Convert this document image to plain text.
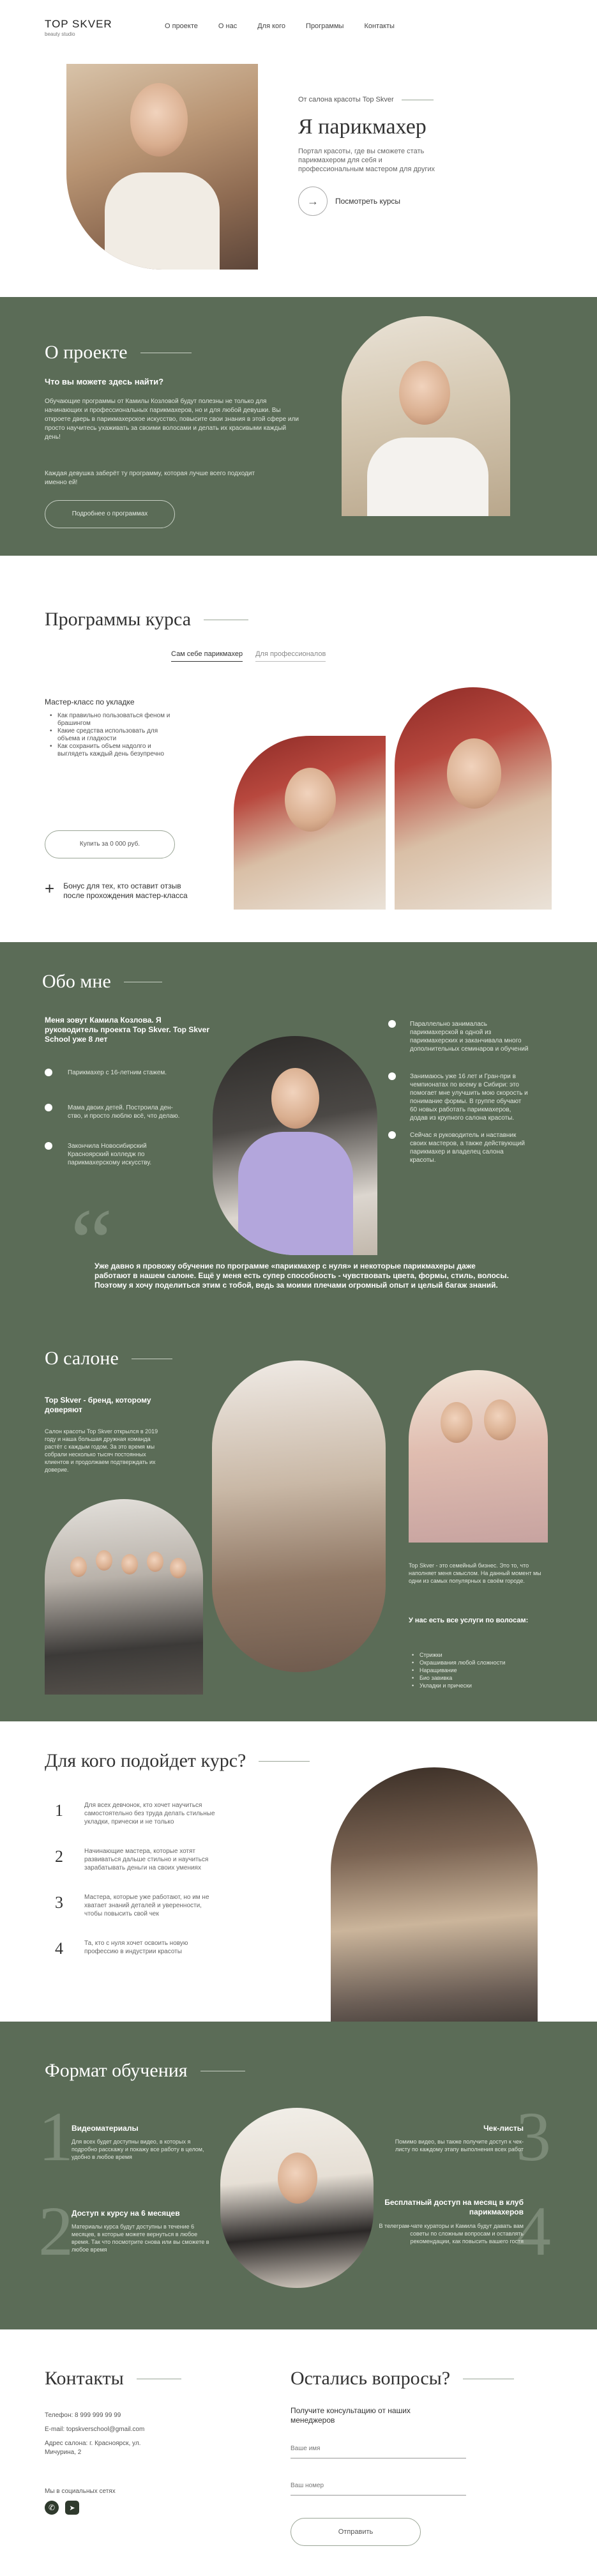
TOP SKVER
beauty studio
О проекте	О нас	Для кого	Программы	Контакты
От салона красоты Top Skver
Я парикмахер
Портал красоты, где вы сможете стать парикмахером для себя и профессиональным мастером для других
→	Посмотреть курсы
О проекте
Что вы можете здесь найти?
Обучающие программы от Камилы Козловой будут полезны не только для начинающих и профессиональных парикмахеров, но и для любой девушки. Вы откроете дверь в парикмахерское искусство, повысите свои знания в этой сфере или просто научитесь ухаживать за своими волосами и делать их красивыми каждый день!
Каждая девушка заберёт ту программу, которая лучше всего подходит именно ей!
Подробнее о программах
Программы курса
Сам себе парикмахер Для профессионалов
Мастер-класс по укладке
• Как правильно пользоваться феном и брашингом
• Какие средства использовать для объема и гладкости
• Как сохранить объем надолго и выглядеть каждый день безупречно
Купить за 0 000 руб.
+ Бонус для тех, кто оставит отзыв после прохождения мастер-класса
Обо мне
Меня зовут Камила Козлова. Я руководитель проекта Top Skver. Top Skver School уже 8 лет
Парикмахер с 16-летним стажем.
Мама двоих детей. Построила ден-ство, и просто люблю всё, что делаю.
Закончила Новосибирский Красноярский колледж по парикмахерскому искусству.
Параллельно занималась парикмахерской в одной из парикмахерских и заканчивала много дополнительных семинаров и обучений
Занимаюсь уже 16 лет и Гран-при в чемпионатах по всему в Сибири: это помогает мне улучшить мою скорость и понимание формы. В группе обучают 60 новых работать парикмахеров, додав из крупного салона красоты.
Сейчас я руководитель и наставник своих мастеров, а также действующий парикмахер и владелец салона красоты.
“
Уже давно я провожу обучение по программе «парикмахер с нуля» и некоторые парикмахеры даже работают в нашем салоне. Ещё у меня есть супер способность - чувствовать цвета, формы, стиль, волосы. Поэтому я хочу поделиться этим с тобой, ведь за моими плечами огромный опыт и целый багаж знаний.
О салоне
Top Skver - бренд, которому доверяют
Салон красоты Top Skver открылся в 2019 году и наша большая дружная команда растёт с каждым годом. За это время мы собрали несколько тысяч постоянных клиентов и продолжаем подтверждать их доверие.
Top Skver - это семейный бизнес. Это то, что наполняет меня смыслом. На данный момент мы одни из самых популярных в своём городе.
У нас есть все услуги по волосам:
• Стрижки
• Окрашивания любой сложности
• Наращивание
• Био завивка
• Укладки и прически
Для кого подойдет курс?
1	Для всех девчонок, кто хочет научиться самостоятельно без труда делать стильные укладки, прически и не только
2	Начинающие мастера, которые хотят развиваться дальше стильно и научиться зарабатывать деньги на своих умениях
3	Мастера, которые уже работают, но им не хватает знаний деталей и уверенности, чтобы повысить свой чек
4	Та, кто с нуля хочет освоить новую профессию в индустрии красоты
Формат обучения
1
Видеоматериалы
Для всех будет доступны видео, в которых я подробно расскажу и покажу все работу в целом, удобно в любое время
2
Доступ к курсу на 6 месяцев
Материалы курса будут доступны в течение 6 месяцев, в которые можете вернуться в любое время. Так что посмотрите снова или вы сможете в любое время
3
Чек-листы
Помимо видео, вы также получите доступ к чек-листу по каждому этапу выполнения всех работ
4
Бесплатный доступ на месяц в клуб парикмахеров
В телеграм-чате кураторы и Камила будут давать вам советы по сложным вопросам и оставлять рекомендации, как повысить вашего гостя
Контакты
Телефон: 8 999 999 99 99
E-mail: topskverschool@gmail.com
Адрес салона: г. Красноярск, ул. Мичурина, 2
Мы в социальных сетях
✆	➤
Остались вопросы?
Получите консультацию от наших менеджеров
Ваше имя
Ваш номер
Отправить
